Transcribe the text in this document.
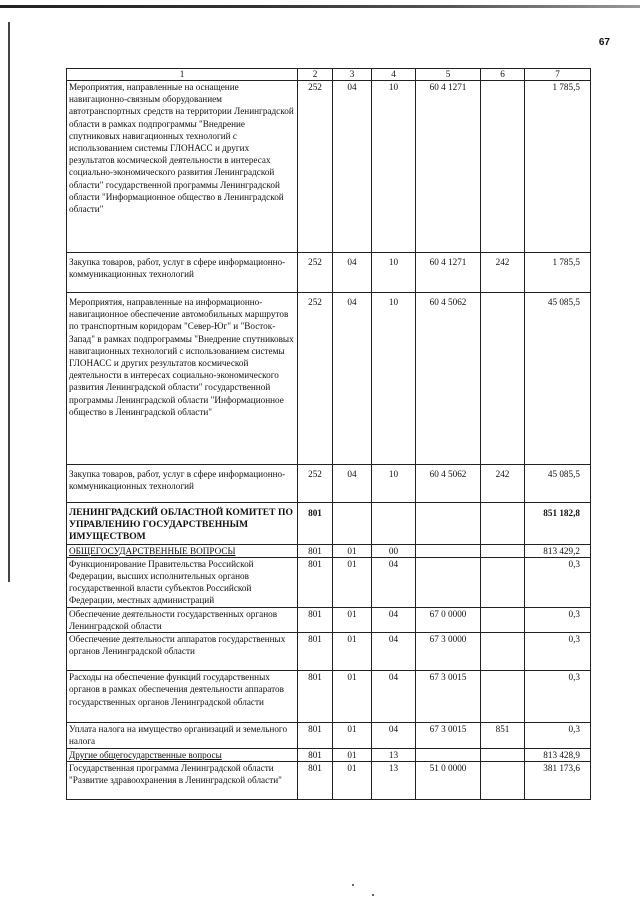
67
1	2	3	4	5	6	7
Мероприятия, направленные на оснащение навигационно-связным оборудованием автотранспортных средств на территории Ленинградской области в рамках подпрограммы "Внедрение спутниковых навигационных технологий с использованием системы ГЛОНАСС и других результатов космической деятельности в интересах социально-экономического развития Ленинградской области" государственной программы Ленинградской области "Информационное общество в Ленинградской области"	252	04	10	60 4 1271		1 785,5
Закупка товаров, работ, услуг в сфере информационно-коммуникационных технологий	252	04	10	60 4 1271	242	1 785,5
Мероприятия, направленные на информационно-навигационное обеспечение автомобильных маршрутов по транспортным коридорам "Север-Юг" и "Восток-Запад" в рамках подпрограммы "Внедрение спутниковых навигационных технологий с использованием системы ГЛОНАСС и других результатов космической деятельности в интересах социально-экономического развития Ленинградской области" государственной программы Ленинградской области "Информационное общество в Ленинградской области"	252	04	10	60 4 5062		45 085,5
Закупка товаров, работ, услуг в сфере информационно-коммуникационных технологий	252	04	10	60 4 5062	242	45 085,5
ЛЕНИНГРАДСКИЙ ОБЛАСТНОЙ КОМИТЕТ ПО УПРАВЛЕНИЮ ГОСУДАРСТВЕННЫМ ИМУЩЕСТВОМ	801					851 182,8
ОБЩЕГОСУДАРСТВЕННЫЕ ВОПРОСЫ	801	01	00			813 429,2
Функционирование Правительства Российской Федерации, высших исполнительных органов государственной власти субъектов Российской Федерации, местных администраций	801	01	04			0,3
Обеспечение деятельности государственных органов Ленинградской области	801	01	04	67 0 0000		0,3
Обеспечение деятельности аппаратов государственных органов Ленинградской области	801	01	04	67 3 0000		0,3
Расходы на обеспечение функций государственных органов в рамках обеспечения деятельности аппаратов государственных органов Ленинградской области	801	01	04	67 3 0015		0,3
Уплата налога на имущество организаций и земельного налога	801	01	04	67 3 0015	851	0,3
Другие общегосударственные вопросы	801	01	13			813 428,9
Государственная программа Ленинградской области "Развитие здравоохранения в Ленинградской области"	801	01	13	51 0 0000		381 173,6
